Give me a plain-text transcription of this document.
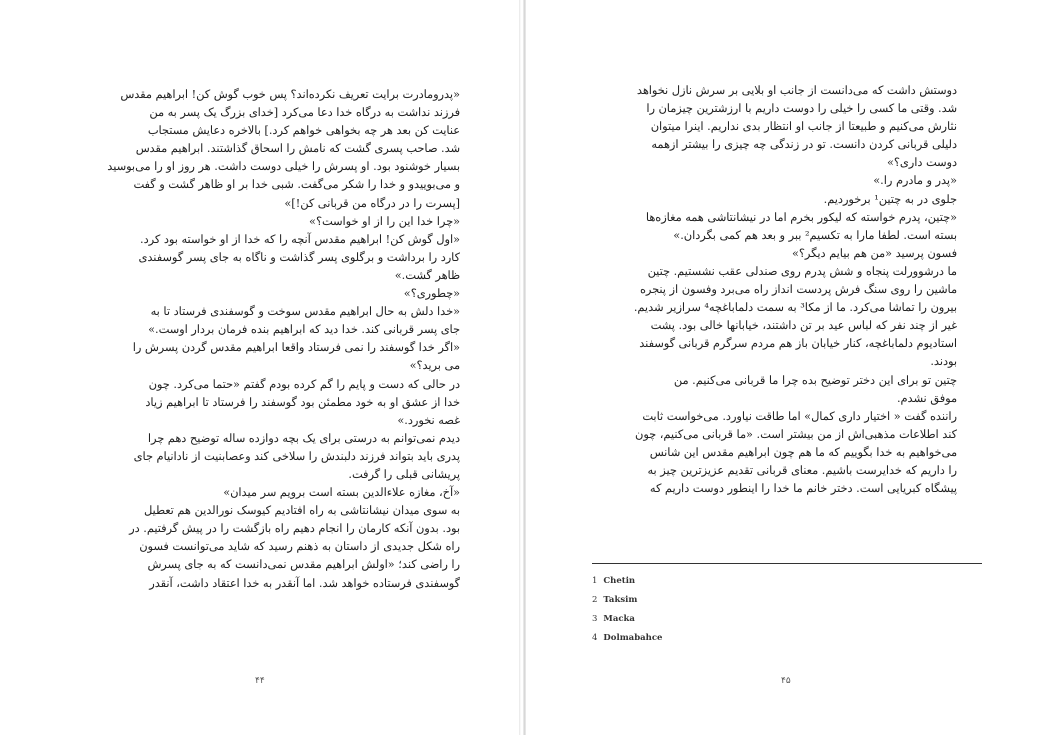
«پدرومادرت برایت تعریف نکرده‌اند؟ پس خوب گوش کن! ابراهیم مقدس
فرزند نداشت به درگاه خدا دعا می‌کرد [خدای بزرگ یک پسر به من
عنایت کن بعد هر چه بخواهی خواهم کرد.] بالاخره دعایش مستجاب
شد. صاحب پسری گشت که نامش را اسحاق گذاشتند. ابراهیم مقدس
بسیار خوشنود بود. او پسرش را خیلی دوست داشت. هر روز او را می‌بوسید
و می‌بوییدو و خدا را شکر می‌گفت. شبی خدا بر او ظاهر گشت و گفت
[پسرت را در درگاه من قربانی کن!]»
«چرا خدا این را از او خواست؟»
«اول گوش کن! ابراهیم مقدس آنچه را که خدا از او خواسته بود کرد.
کارد را برداشت و برگلوی پسر گذاشت و ناگاه به جای پسر گوسفندی
ظاهر گشت.»
«چطوری؟»
«خدا دلش به حال ابراهیم مقدس سوخت و گوسفندی فرستاد تا به
جای پسر قربانی کند. خدا دید که ابراهیم بنده فرمان بردار اوست.»
«اگر خدا گوسفند را نمی فرستاد واقعا ابراهیم مقدس گردن پسرش را
می برید؟»
در حالی که دست و پایم را گم کرده بودم گفتم «حتما می‌کرد. چون
خدا از عشق او به خود مطمئن بود گوسفند را فرستاد تا ابراهیم زیاد
غصه نخورد.»
دیدم نمی‌توانم به درستی برای یک بچه دوازده ساله توضیح دهم چرا
پدری باید بتواند فرزند دلبندش را سلاخی کند وعصابنیت از نادانیام جای
پریشانی قبلی را گرفت.
«آخ، مغازه علاءالدین بسته است برویم سر میدان»
به سوی میدان نیشانتاشی به راه افتادیم کیوسک نورالدین هم تعطیل
بود. بدون آنکه کارمان را انجام دهیم راه بازگشت را در پیش گرفتیم. در
راه شکل جدیدی از داستان به ذهنم رسید که شاید می‌توانست فسون
را راضی کند؛ «اولش ابراهیم مقدس نمی‌دانست که به جای پسرش
گوسفندی فرستاده خواهد شد. اما آنقدر به خدا اعتقاد داشت، آنقدر
۴۴
دوستش داشت که می‌دانست از جانب او بلایی بر سرش نازل نخواهد
شد. وقتی ما کسی را خیلی را دوست داریم با ارزشترین چیزمان را
نثارش می‌کنیم و طبیعتا از جانب او انتظار بدی نداریم. اینرا میتوان
دلیلی قربانی کردن دانست. تو در زندگی چه چیزی را بیشتر ازهمه
دوست داری؟»
«پدر و مادرم را.»
جلوی در به چتین¹ برخوردیم.
«چتین، پدرم خواسته که لیکور بخرم اما در نیشانتاشی همه مغازه‌ها
بسته است. لطفا مارا به تکسیم² ببر و بعد هم کمی بگردان.»
فسون پرسید «من هم بیایم دیگر؟»
ما درشوورلت پنجاه و شش پدرم روی صندلی عقب نشستیم. چتین
ماشین را روی سنگ فرش پردست انداز راه می‌برد وفسون از پنجره
بیرون را تماشا می‌کرد. ما از مکا³ به سمت دلماباغچه⁴ سرازیر شدیم.
غیر از چند نفر که لباس عید بر تن داشتند، خیابانها خالی بود. پشت
استادیوم دلماباغچه، کنار خیابان باز هم مردم سرگرم قربانی گوسفند
بودند.
چتین تو برای این دختر توضیح بده چرا ما قربانی می‌کنیم. من
موفق نشدم.
راننده گفت « اختیار داری کمال» اما طاقت نیاورد. می‌خواست ثابت
کند اطلاعات مذهبی‌اش از من بیشتر است. «ما قربانی می‌کنیم، چون
می‌خواهیم به خدا بگوییم که ما هم چون ابراهیم مقدس این شانس
را داریم که خدایرست باشیم. معنای قربانی تقدیم عزیزترین چیز به
پیشگاه کبریایی است. دختر خانم ما خدا را اینطور دوست داریم که
1 Chetin
2 Taksim
3 Macka
4 Dolmabahce
۴۵
